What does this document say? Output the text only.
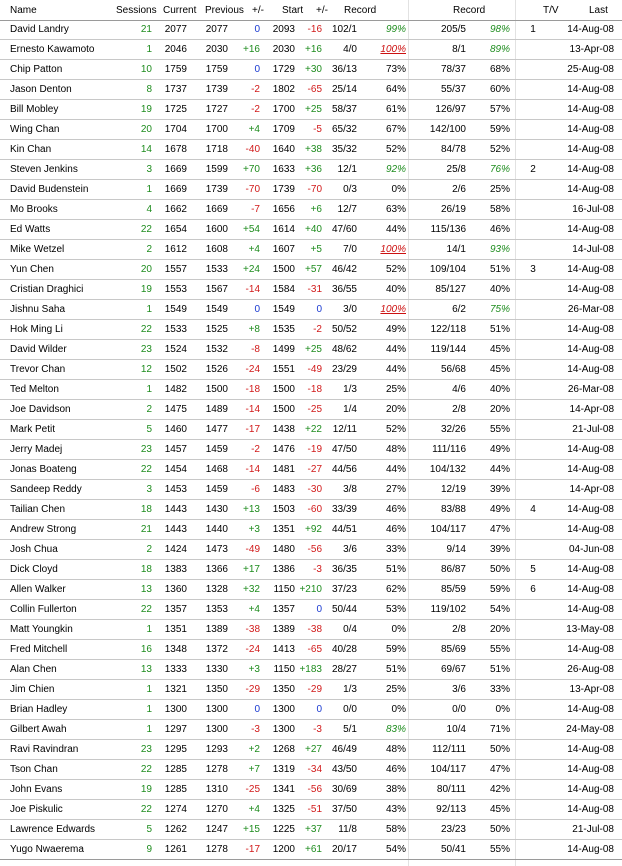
Name	Sessions Current Previous +/- Start +/- Record	Record	T/V	Last
David Landry	21	2077	2077	0	2093	-16 102/1	99%	205/5	98%	1	14-Aug-08
Ernesto Kawamoto	1	2046	2030	+16	2030	+16	4/0	100%	8/1	89%	13-Apr-08
Chip Patton	10	1759	1759	0	1729	+30 36/13	73%	78/37	68%	25-Aug-08
Jason Denton	8	1737	1739	-2	1802	-65 25/14	64%	55/37	60%	14-Aug-08
Bill Mobley	19	1725	1727	-2	1700	+25 58/37	61%	126/97	57%	14-Aug-08
Wing Chan	20	1704	1700	+4	1709	-5 65/32	67%	142/100	59%	14-Aug-08
Kin Chan	14	1678	1718	-40	1640	+38 35/32	52%	84/78	52%	14-Aug-08
Steven Jenkins	3	1669	1599	+70	1633	+36	12/1	92%	25/8	76%	2	14-Aug-08
David Budenstein	1	1669	1739	-70	1739	-70	0/3	0%	2/6	25%	14-Aug-08
Mo Brooks	4	1662	1669	-7	1656	+6	12/7	63%	26/19	58%	16-Jul-08
Ed Watts	22	1654	1600	+54	1614	+40 47/60	44%	115/136	46%	14-Aug-08
Mike Wetzel	2	1612	1608	+4	1607	+5	7/0	100%	14/1	93%	14-Jul-08
Yun Chen	20	1557	1533	+24	1500	+57 46/42	52%	109/104	51%	3	14-Aug-08
Cristian Draghici	19	1553	1567	-14	1584	-31 36/55	40%	85/127	40%	14-Aug-08
Jishnu Saha	1	1549	1549	0	1549	0	3/0	100%	6/2	75%	26-Mar-08
Hok Ming Li	22	1533	1525	+8	1535	-2 50/52	49%	122/118	51%	14-Aug-08
David Wilder	23	1524	1532	-8	1499	+25 48/62	44%	119/144	45%	14-Aug-08
Trevor Chan	12	1502	1526	-24	1551	-49 23/29	44%	56/68	45%	14-Aug-08
Ted Melton	1	1482	1500	-18	1500	-18	1/3	25%	4/6	40%	26-Mar-08
Joe Davidson	2	1475	1489	-14	1500	-25	1/4	20%	2/8	20%	14-Apr-08
Mark Petit	5	1460	1477	-17	1438	+22 12/11	52%	32/26	55%	21-Jul-08
Jerry Madej	23	1457	1459	-2	1476	-19 47/50	48%	111/116	49%	14-Aug-08
Jonas Boateng	22	1454	1468	-14	1481	-27 44/56	44%	104/132	44%	14-Aug-08
Sandeep Reddy	3	1453	1459	-6	1483	-30	3/8	27%	12/19	39%	14-Apr-08
Tailian Chen	18	1443	1430	+13	1503	-60 33/39	46%	83/88	49%	4	14-Aug-08
Andrew Strong	21	1443	1440	+3	1351	+92 44/51	46%	104/117	47%	14-Aug-08
Josh Chua	2	1424	1473	-49	1480	-56	3/6	33%	9/14	39%	04-Jun-08
Dick Cloyd	18	1383	1366	+17	1386	-3 36/35	51%	86/87	50%	5	14-Aug-08
Allen Walker	13	1360	1328	+32	1150 +210 37/23	62%	85/59	59%	6	14-Aug-08
Collin Fullerton	22	1357	1353	+4	1357	0 50/44	53%	119/102	54%	14-Aug-08
Matt Youngkin	1	1351	1389	-38	1389	-38	0/4	0%	2/8	20%	13-May-08
Fred Mitchell	16	1348	1372	-24	1413	-65 40/28	59%	85/69	55%	14-Aug-08
Alan Chen	13	1333	1330	+3	1150 +183 28/27	51%	69/67	51%	26-Aug-08
Jim Chien	1	1321	1350	-29	1350	-29	1/3	25%	3/6	33%	13-Apr-08
Brian Hadley	1	1300	1300	0	1300	0	0/0	0%	0/0	0%	14-Aug-08
Gilbert Awah	1	1297	1300	-3	1300	-3	5/1	83%	10/4	71%	24-May-08
Ravi Ravindran	23	1295	1293	+2	1268	+27 46/49	48%	112/111	50%	14-Aug-08
Tson Chan	22	1285	1278	+7	1319	-34 43/50	46%	104/117	47%	14-Aug-08
John Evans	19	1285	1310	-25	1341	-56 30/69	38%	80/111	42%	14-Aug-08
Joe Piskulic	22	1274	1270	+4	1325	-51 37/50	43%	92/113	45%	14-Aug-08
Lawrence Edwards	5	1262	1247	+15	1225	+37	11/8	58%	23/23	50%	21-Jul-08
Yugo Nwaerema	9	1261	1278	-17	1200	+61 20/17	54%	50/41	55%	14-Aug-08
